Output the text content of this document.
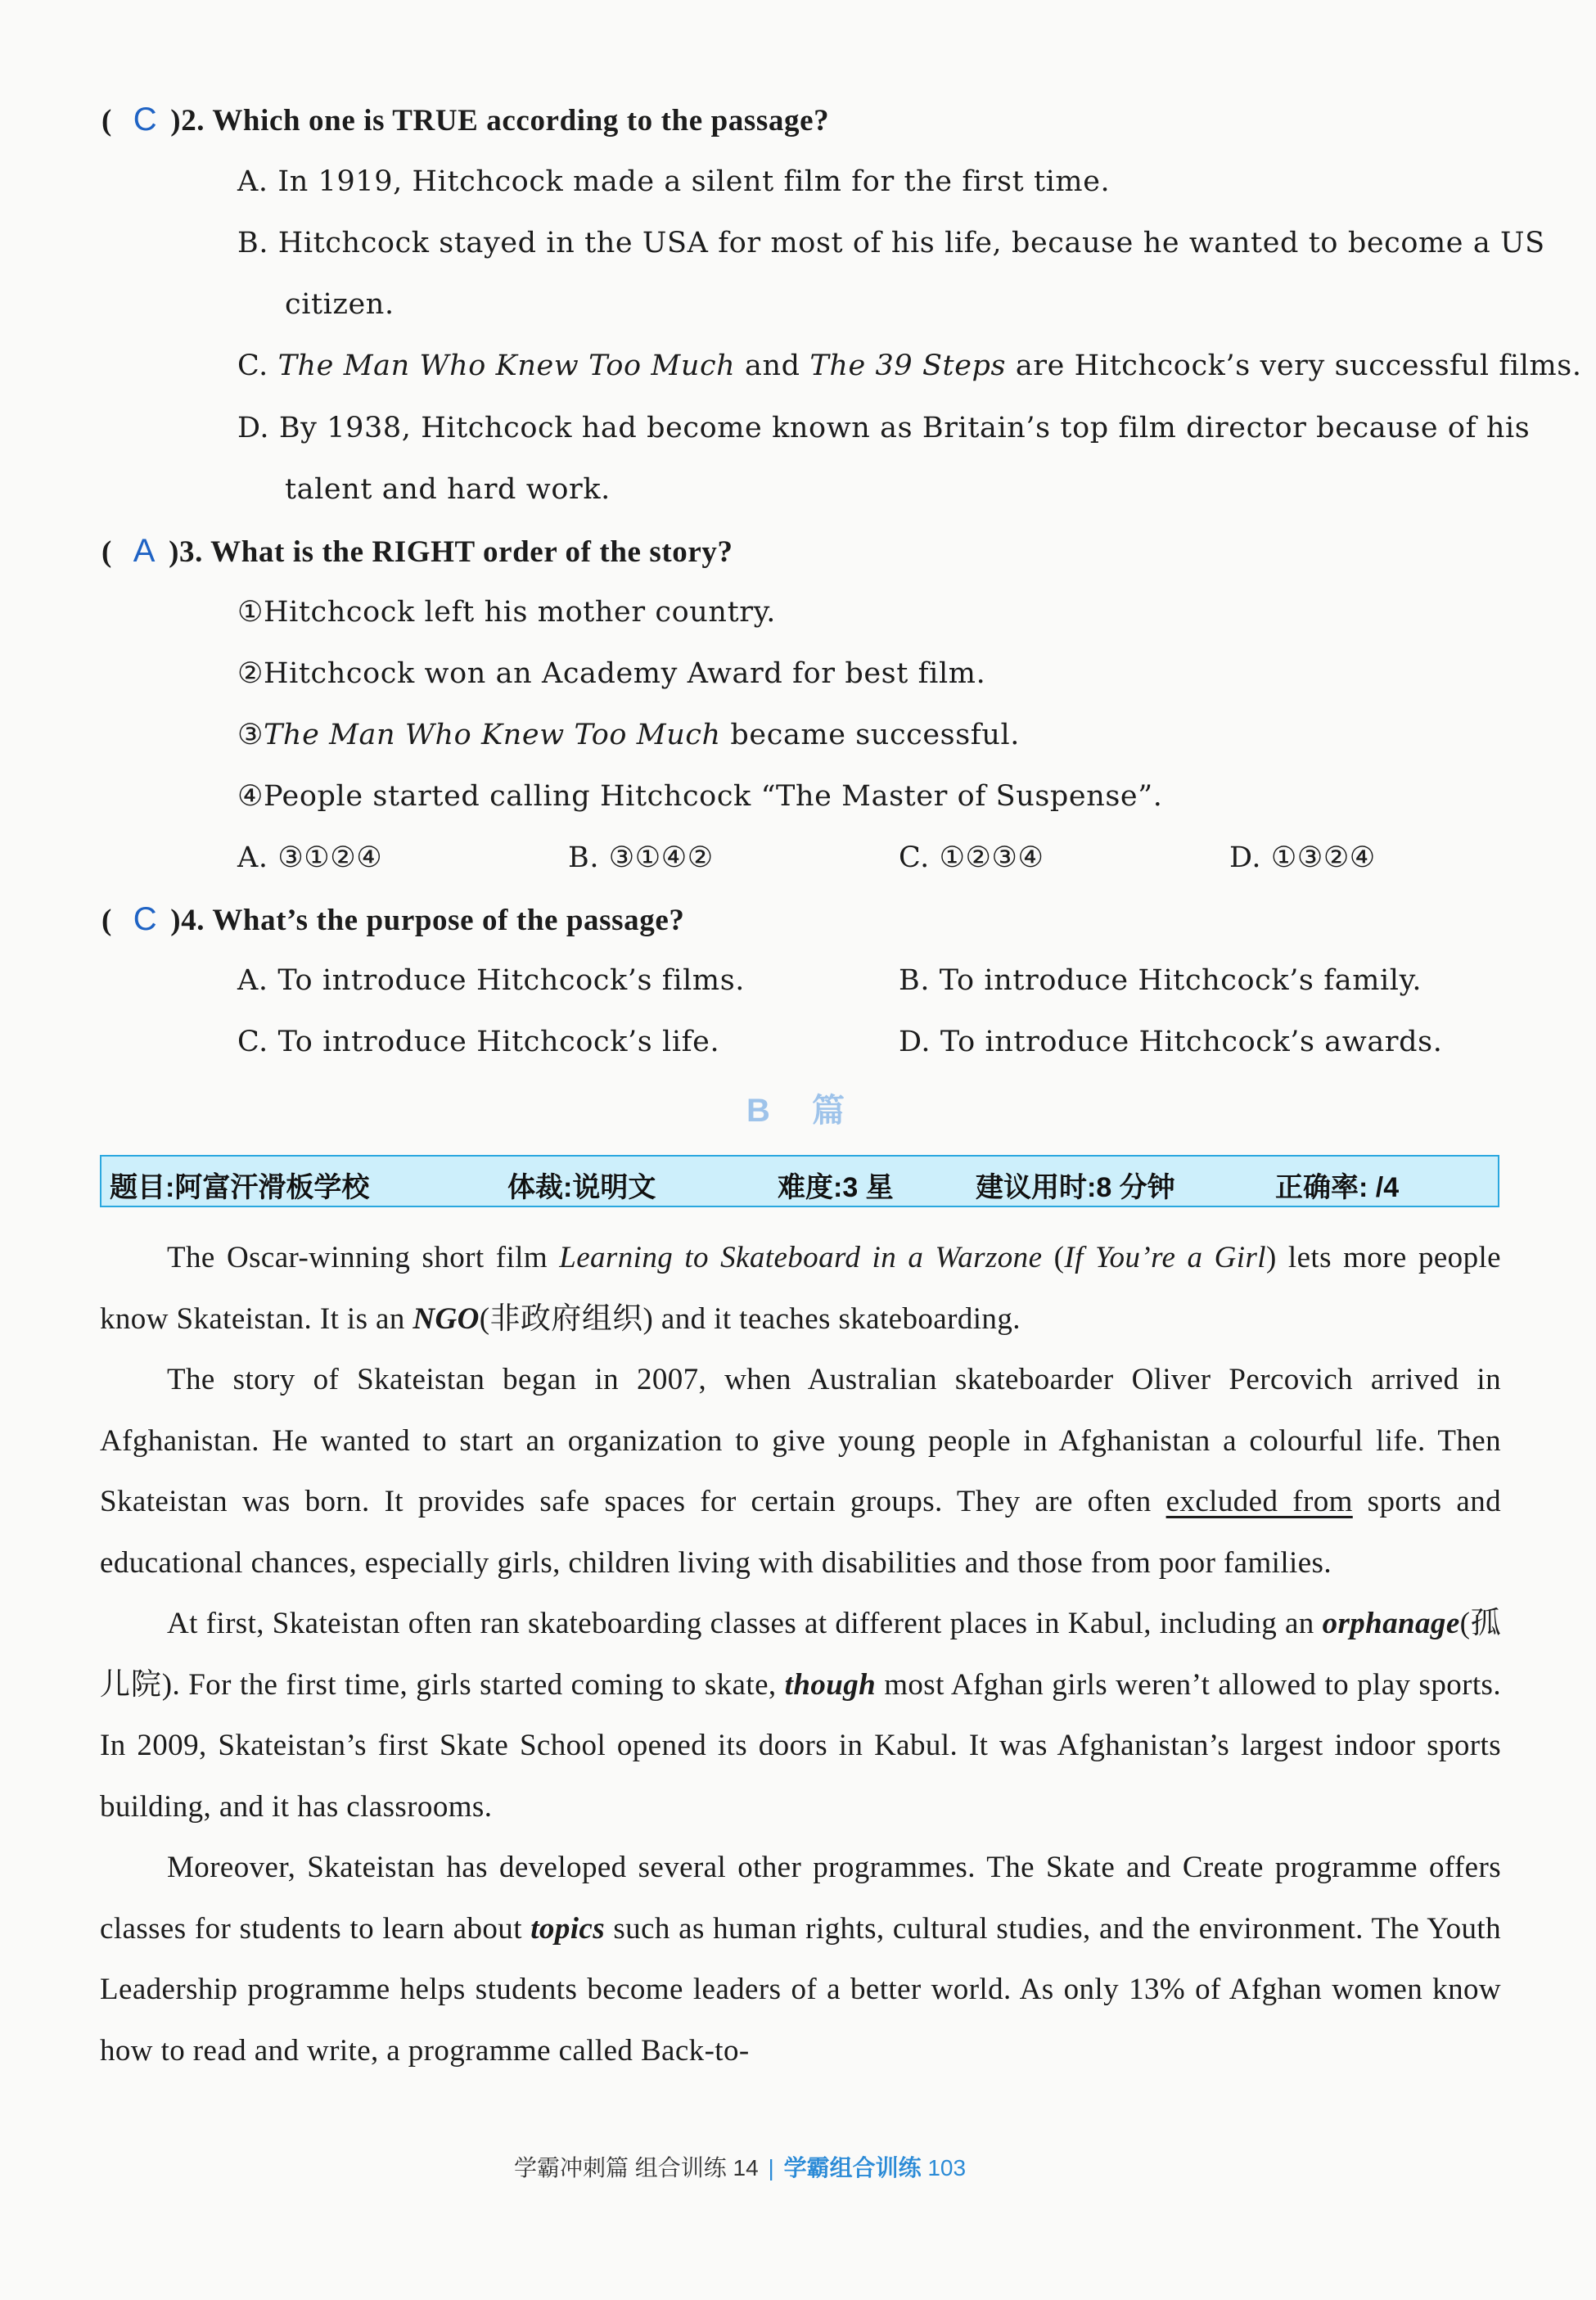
( C )2. Which one is TRUE according to the passage?
A. In 1919, Hitchcock made a silent film for the first time.
B. Hitchcock stayed in the USA for most of his life, because he wanted to become a US
citizen.
C. The Man Who Knew Too Much and The 39 Steps are Hitchcock’s very successful films.
D. By 1938, Hitchcock had become known as Britain’s top film director because of his
talent and hard work.
( A )3. What is the RIGHT order of the story?
①Hitchcock left his mother country.
②Hitchcock won an Academy Award for best film.
③The Man Who Knew Too Much became successful.
④People started calling Hitchcock “The Master of Suspense”.
A. ③①②④	B. ③①④②	C. ①②③④	D. ①③②④
( C )4. What’s the purpose of the passage?
A. To introduce Hitchcock’s films.	B. To introduce Hitchcock’s family.
C. To introduce Hitchcock’s life.	D. To introduce Hitchcock’s awards.
B 篇
题目:阿富汗滑板学校	体裁:说明文	难度:3 星	建议用时:8 分钟	正确率: /4

The Oscar-winning short film Learning to Skateboard in a Warzone (If You’re a Girl) lets more people know Skateistan. It is an NGO(非政府组织) and it teaches skateboarding.

The story of Skateistan began in 2007, when Australian skateboarder Oliver Percovich arrived in Afghanistan. He wanted to start an organization to give young people in Afghanistan a colourful life. Then Skateistan was born. It provides safe spaces for certain groups. They are often excluded from sports and educational chances, especially girls, children living with disabilities and those from poor families.

At first, Skateistan often ran skateboarding classes at different places in Kabul, including an orphanage(孤儿院). For the first time, girls started coming to skate, though most Afghan girls weren’t allowed to play sports. In 2009, Skateistan’s first Skate School opened its doors in Kabul. It was Afghanistan’s largest indoor sports building, and it has classrooms.

Moreover, Skateistan has developed several other programmes. The Skate and Create programme offers classes for students to learn about topics such as human rights, cultural studies, and the environment. The Youth Leadership programme helps students become leaders of a better world. As only 13% of Afghan women know how to read and write, a programme called Back-to-

学霸冲刺篇 组合训练 14 | 学霸组合训练 103
